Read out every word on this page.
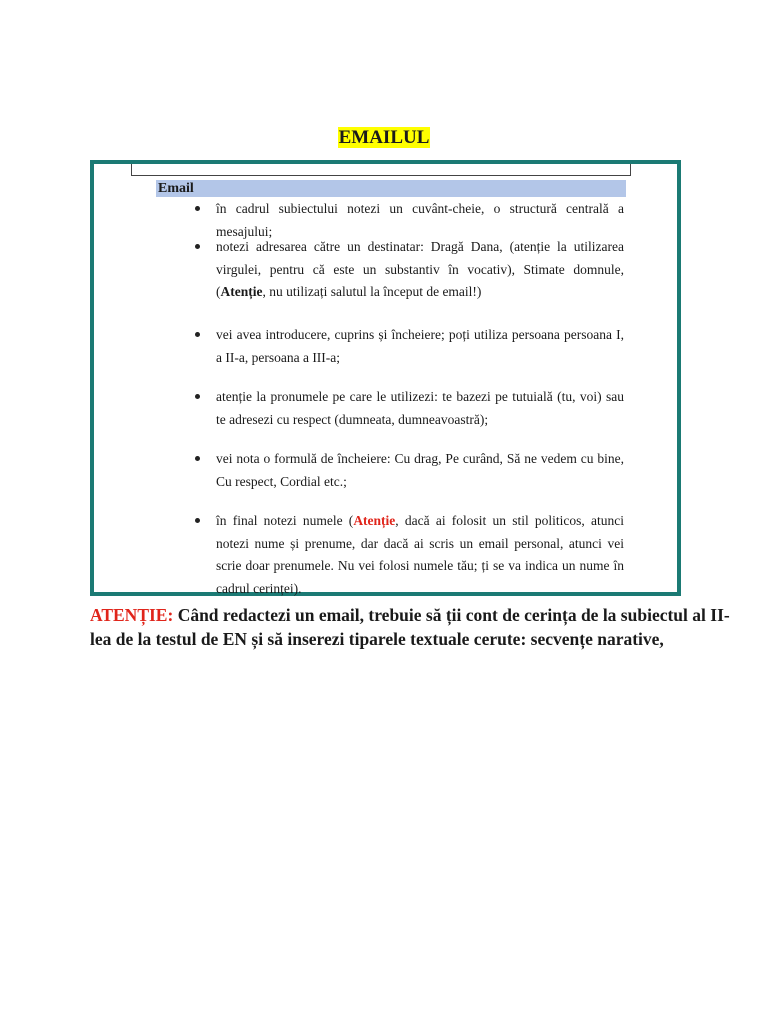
EMAILUL
Email
în cadrul subiectului notezi un cuvânt-cheie, o structură centrală a mesajului;
notezi adresarea către un destinatar: Dragă Dana, (atenție la utilizarea virgulei, pentru că este un substantiv în vocativ), Stimate domnule, (Atenție, nu utilizați salutul la început de email!)
vei avea introducere, cuprins și încheiere; poți utiliza persoana persoana I, a II-a, persoana a III-a;
atenție la pronumele pe care le utilizezi: te bazezi pe tutuială (tu, voi) sau te adresezi cu respect (dumneata, dumneavoastră);
vei nota o formulă de încheiere: Cu drag, Pe curând, Să ne vedem cu bine, Cu respect, Cordial etc.;
în final notezi numele (Atenție, dacă ai folosit un stil politicos, atunci notezi nume și prenume, dar dacă ai scris un email personal, atunci vei scrie doar prenumele. Nu vei folosi numele tău; ți se va indica un nume în cadrul cerinței).
ATENȚIE: Când redactezi un email, trebuie să ții cont de cerința de la subiectul al II-lea de la testul de EN și să inserezi tiparele textuale cerute: secvențe narative,
